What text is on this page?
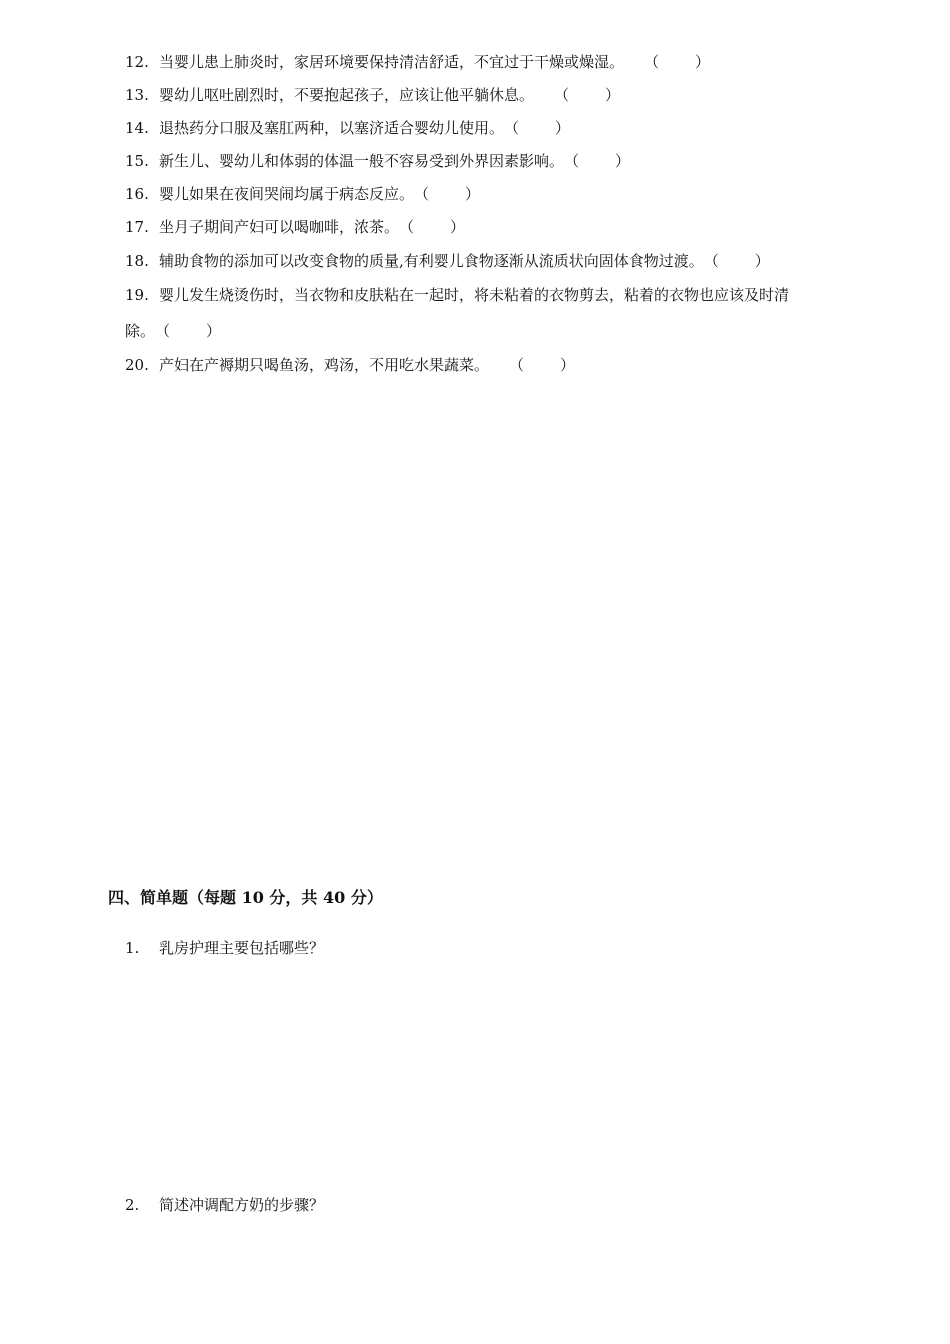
12. 当婴儿患上肺炎时，家居环境要保持清洁舒适，不宜过于干燥或燥湿。 （ ）
13. 婴幼儿呕吐剧烈时，不要抱起孩子，应该让他平躺休息。 （ ）
14. 退热药分口服及塞肛两种，以塞济适合婴幼儿使用。（ ）
15. 新生儿、婴幼儿和体弱的体温一般不容易受到外界因素影响。（ ）
16. 婴儿如果在夜间哭闹均属于病态反应。（ ）
17. 坐月子期间产妇可以喝咖啡，浓茶。（ ）
18. 辅助食物的添加可以改变食物的质量,有利婴儿食物逐渐从流质状向固体食物过渡。（ ）
19. 婴儿发生烧烫伤时，当衣物和皮肤粘在一起时，将未粘着的衣物剪去，粘着的衣物也应该及时清
除。（ ）
20. 产妇在产褥期只喝鱼汤，鸡汤，不用吃水果蔬菜。 （ ）
四、简单题（每题 10 分，共 40 分）
1. 乳房护理主要包括哪些？
2. 简述冲调配方奶的步骤？
